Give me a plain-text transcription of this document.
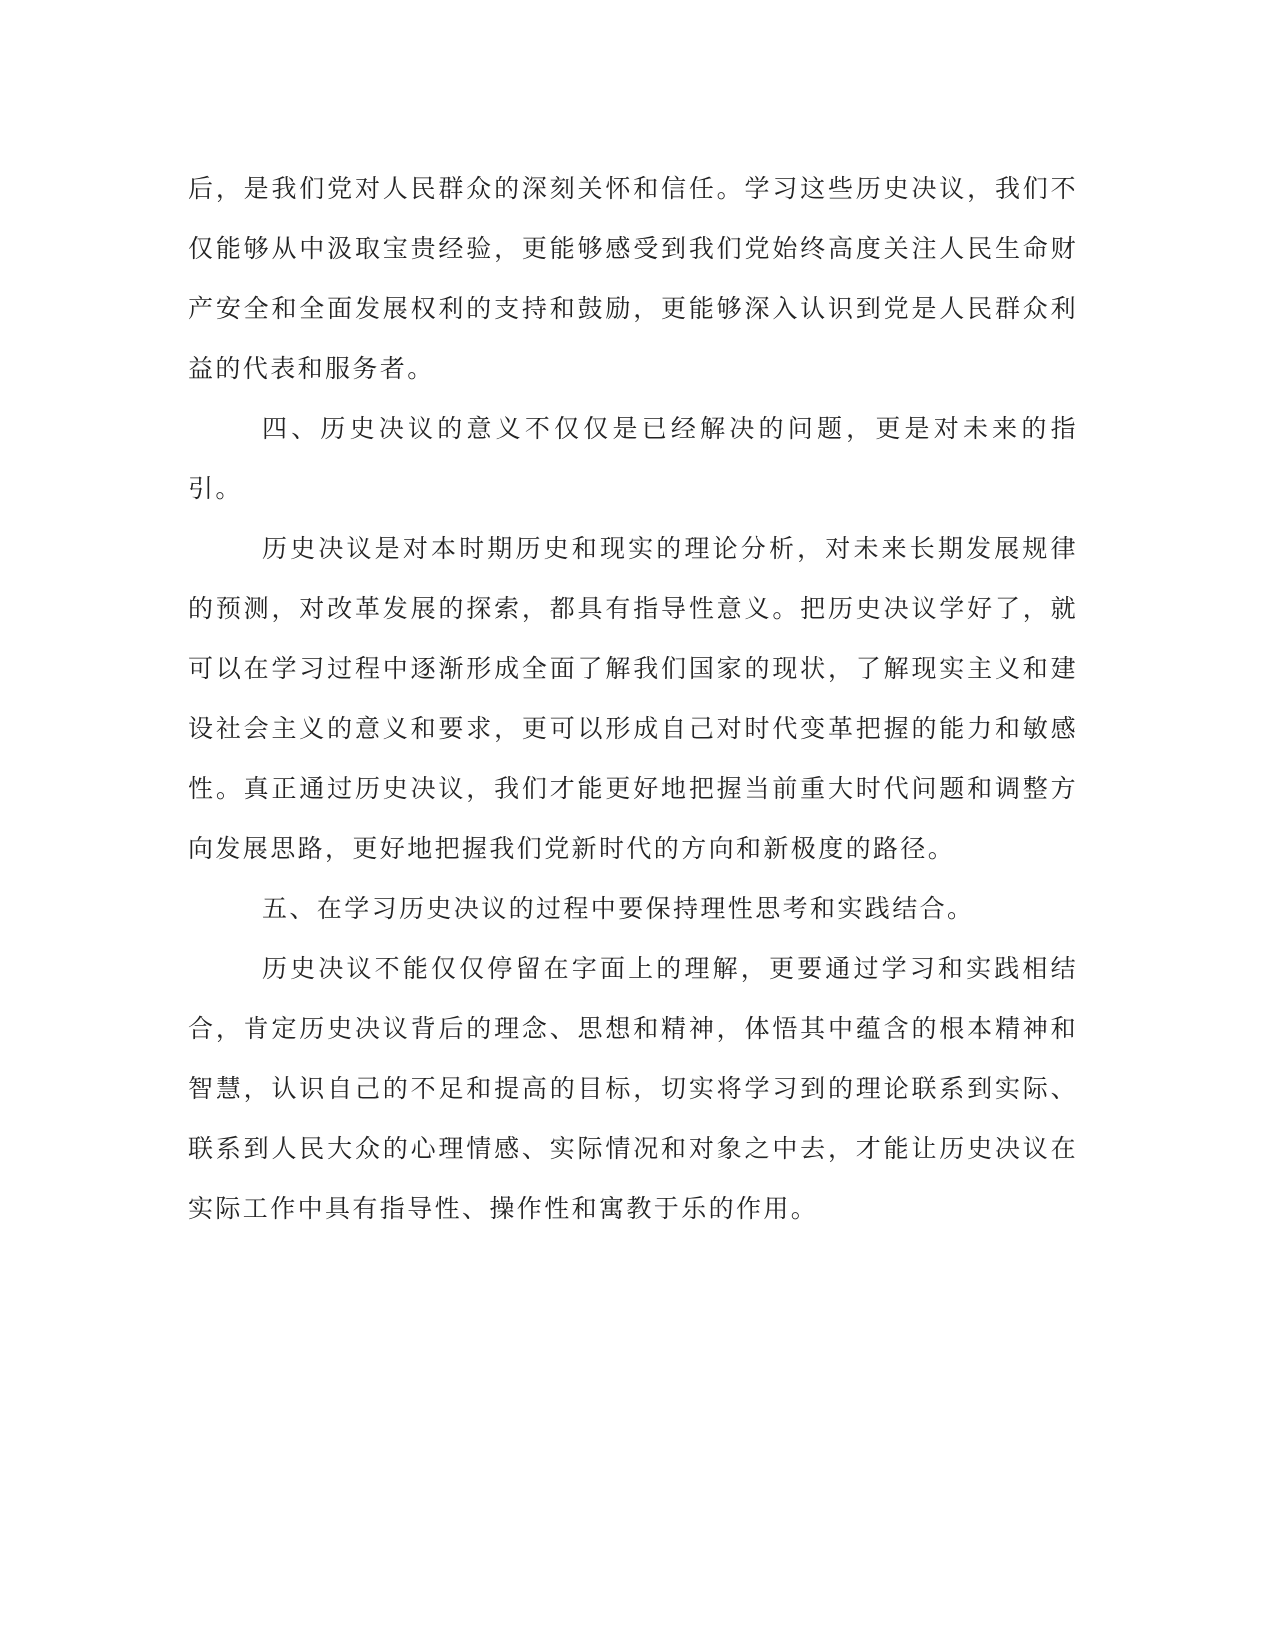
后，是我们党对人民群众的深刻关怀和信任。学习这些历史决议，我们不仅能够从中汲取宝贵经验，更能够感受到我们党始终高度关注人民生命财产安全和全面发展权利的支持和鼓励，更能够深入认识到党是人民群众利益的代表和服务者。

四、历史决议的意义不仅仅是已经解决的问题，更是对未来的指引。

历史决议是对本时期历史和现实的理论分析，对未来长期发展规律的预测，对改革发展的探索，都具有指导性意义。把历史决议学好了，就可以在学习过程中逐渐形成全面了解我们国家的现状，了解现实主义和建设社会主义的意义和要求，更可以形成自己对时代变革把握的能力和敏感性。真正通过历史决议，我们才能更好地把握当前重大时代问题和调整方向发展思路，更好地把握我们党新时代的方向和新极度的路径。

五、在学习历史决议的过程中要保持理性思考和实践结合。

历史决议不能仅仅停留在字面上的理解，更要通过学习和实践相结合，肯定历史决议背后的理念、思想和精神，体悟其中蕴含的根本精神和智慧，认识自己的不足和提高的目标，切实将学习到的理论联系到实际、联系到人民大众的心理情感、实际情况和对象之中去，才能让历史决议在实际工作中具有指导性、操作性和寓教于乐的作用。
